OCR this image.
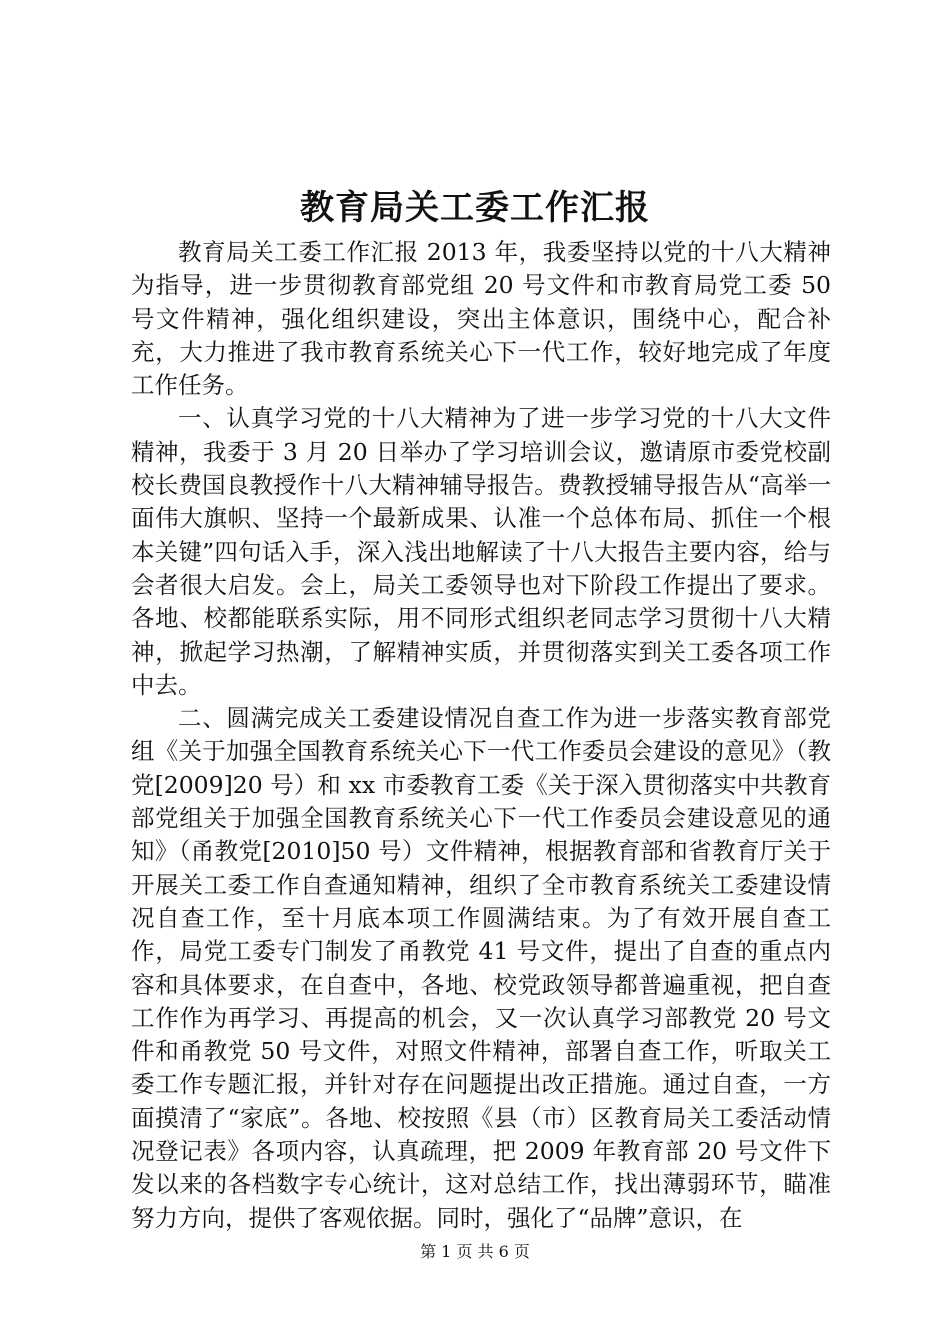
教育局关工委工作汇报

教育局关工委工作汇报 2013 年，我委坚持以党的十八大精神为指导，进一步贯彻教育部党组 20 号文件和市教育局党工委 50 号文件精神，强化组织建设，突出主体意识，围绕中心，配合补充，大力推进了我市教育系统关心下一代工作，较好地完成了年度工作任务。

一、认真学习党的十八大精神为了进一步学习党的十八大文件精神，我委于 3 月 20 日举办了学习培训会议，邀请原市委党校副校长费国良教授作十八大精神辅导报告。费教授辅导报告从“高举一面伟大旗帜、坚持一个最新成果、认准一个总体布局、抓住一个根本关键”四句话入手，深入浅出地解读了十八大报告主要内容，给与会者很大启发。会上，局关工委领导也对下阶段工作提出了要求。各地、校都能联系实际，用不同形式组织老同志学习贯彻十八大精神，掀起学习热潮，了解精神实质，并贯彻落实到关工委各项工作中去。

二、圆满完成关工委建设情况自查工作为进一步落实教育部党组《关于加强全国教育系统关心下一代工作委员会建设的意见》（教党[2009]20 号）和 xx 市委教育工委《关于深入贯彻落实中共教育部党组关于加强全国教育系统关心下一代工作委员会建设意见的通知》（甬教党[2010]50 号）文件精神，根据教育部和省教育厅关于开展关工委工作自查通知精神，组织了全市教育系统关工委建设情况自查工作，至十月底本项工作圆满结束。为了有效开展自查工作，局党工委专门制发了甬教党 41 号文件，提出了自查的重点内容和具体要求，在自查中，各地、校党政领导都普遍重视，把自查工作作为再学习、再提高的机会，又一次认真学习部教党 20 号文件和甬教党 50 号文件，对照文件精神，部署自查工作，听取关工委工作专题汇报，并针对存在问题提出改正措施。通过自查，一方面摸清了“家底”。各地、校按照《县（市）区教育局关工委活动情况登记表》各项内容，认真疏理，把 2009 年教育部 20 号文件下发以来的各档数字专心统计，这对总结工作，找出薄弱环节，瞄准努力方向，提供了客观依据。同时，强化了“品牌”意识，在

第 1 页 共 6 页
